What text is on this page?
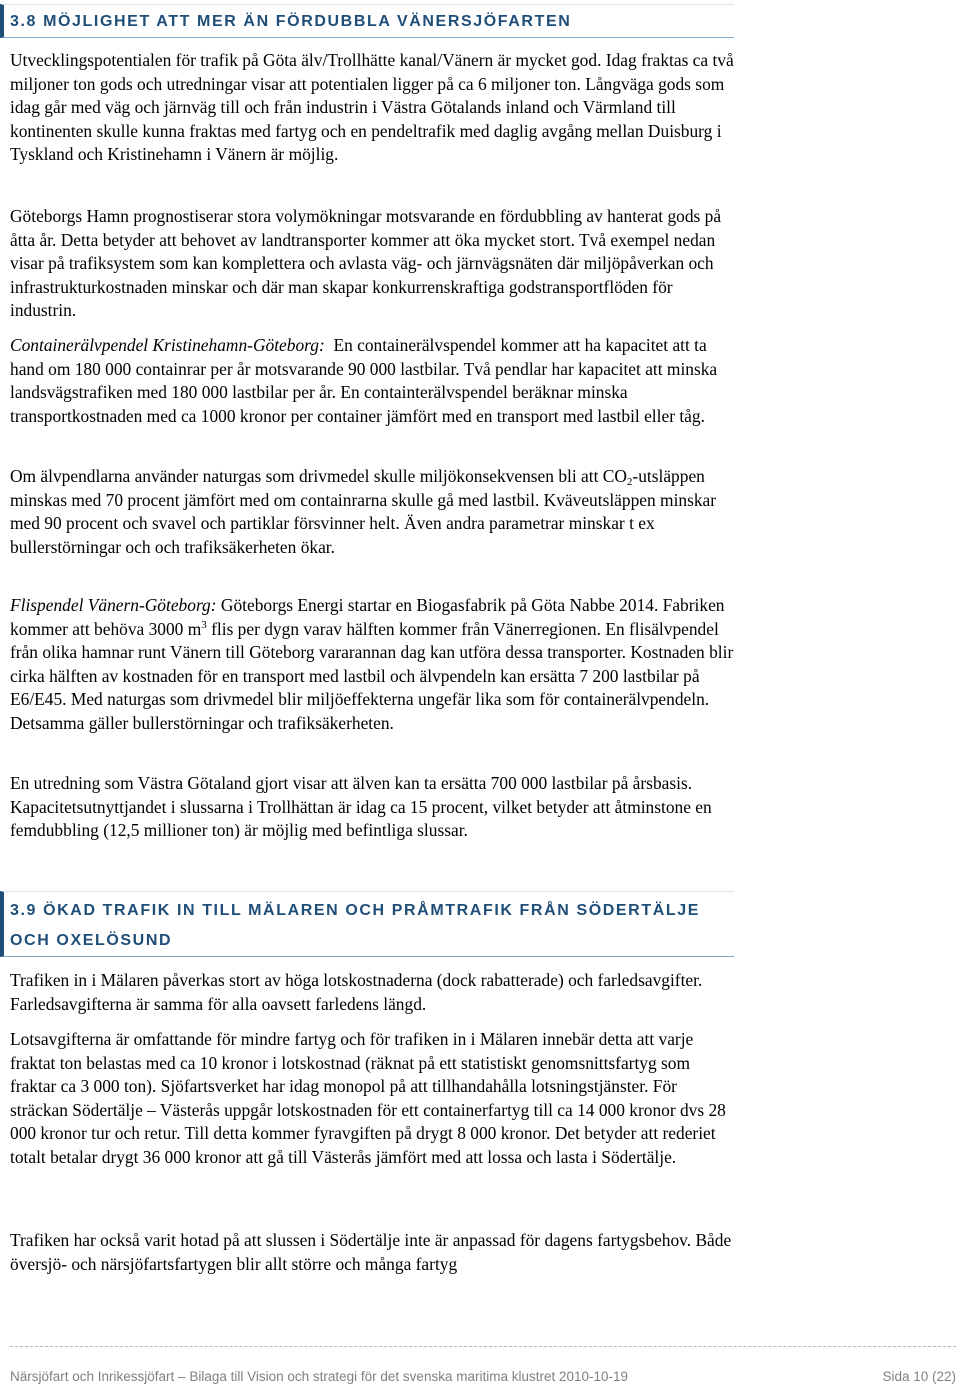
3.8 MÖJLIGHET ATT MER ÄN FÖRDUBBLA VÄNERSJÖFARTEN

Utvecklingspotentialen för trafik på Göta älv/Trollhätte kanal/Vänern är mycket god. Idag fraktas ca två miljoner ton gods och utredningar visar att potentialen ligger på ca 6 miljoner ton. Långväga gods som idag går med väg och järnväg till och från industrin i Västra Götalands inland och Värmland till kontinenten skulle kunna fraktas med fartyg och en pendeltrafik med daglig avgång mellan Duisburg i Tyskland och Kristinehamn i Vänern är möjlig.

Göteborgs Hamn prognostiserar stora volymökningar motsvarande en fördubbling av hanterat gods på åtta år. Detta betyder att behovet av landtransporter kommer att öka mycket stort. Två exempel nedan visar på trafiksystem som kan komplettera och avlasta väg- och järnvägsnäten där miljöpåverkan och infrastrukturkostnaden minskar och där man skapar konkurrenskraftiga godstransportflöden för industrin.

Containerälvpendel Kristinehamn-Göteborg: En containerälvspendel kommer att ha kapacitet att ta hand om 180 000 containrar per år motsvarande 90 000 lastbilar. Två pendlar har kapacitet att minska landsvägstrafiken med 180 000 lastbilar per år. En containterälvspendel beräknar minska transportkostnaden med ca 1000 kronor per container jämfört med en transport med lastbil eller tåg.

Om älvpendlarna använder naturgas som drivmedel skulle miljökonsekvensen bli att $CO_2$-utsläppen minskas med 70 procent jämfört med om containrarna skulle gå med lastbil. Kväveutsläppen minskar med 90 procent och svavel och partiklar försvinner helt. Även andra parametrar minskar t ex bullerstörningar och och trafiksäkerheten ökar.

Flispendel Vänern-Göteborg: Göteborgs Energi startar en Biogasfabrik på Göta Nabbe 2014. Fabriken kommer att behöva 3000 $m^3$ flis per dygn varav hälften kommer från Vänerregionen. En flisälvpendel från olika hamnar runt Vänern till Göteborg vararannan dag kan utföra dessa transporter. Kostnaden blir cirka hälften av kostnaden för en transport med lastbil och älvpendeln kan ersätta 7 200 lastbilar på E6/E45. Med naturgas som drivmedel blir miljöeffekterna ungefär lika som för containerälvpendeln. Detsamma gäller bullerstörningar och trafiksäkerheten.

En utredning som Västra Götaland gjort visar att älven kan ta ersätta 700 000 lastbilar på årsbasis. Kapacitetsutnyttjandet i slussarna i Trollhättan är idag ca 15 procent, vilket betyder att åtminstone en femdubbling (12,5 millioner ton) är möjlig med befintliga slussar.

3.9 ÖKAD TRAFIK IN TILL MÄLAREN OCH PRÅMTRAFIK FRÅN SÖDERTÄLJE OCH OXELÖSUND

Trafiken in i Mälaren påverkas stort av höga lotskostnaderna (dock rabatterade) och farledsavgifter. Farledsavgifterna är samma för alla oavsett farledens längd.

Lotsavgifterna är omfattande för mindre fartyg och för trafiken in i Mälaren innebär detta att varje fraktat ton belastas med ca 10 kronor i lotskostnad (räknat på ett statistiskt genomsnittsfartyg som fraktar ca 3 000 ton). Sjöfartsverket har idag monopol på att tillhandahålla lotsningstjänster. För sträckan Södertälje – Västerås uppgår lotskostnaden för ett containerfartyg till ca 14 000 kronor dvs 28 000 kronor tur och retur. Till detta kommer fyravgiften på drygt 8 000 kronor. Det betyder att rederiet totalt betalar drygt 36 000 kronor att gå till Västerås jämfört med att lossa och lasta i Södertälje.

Trafiken har också varit hotad på att slussen i Södertälje inte är anpassad för dagens fartygsbehov. Både översjö- och närsjöfartsfartygen blir allt större och många fartyg

Närsjöfart och Inrikessjöfart – Bilaga till Vision och strategi för det svenska maritima klustret 2010-10-19	Sida 10 (22)
